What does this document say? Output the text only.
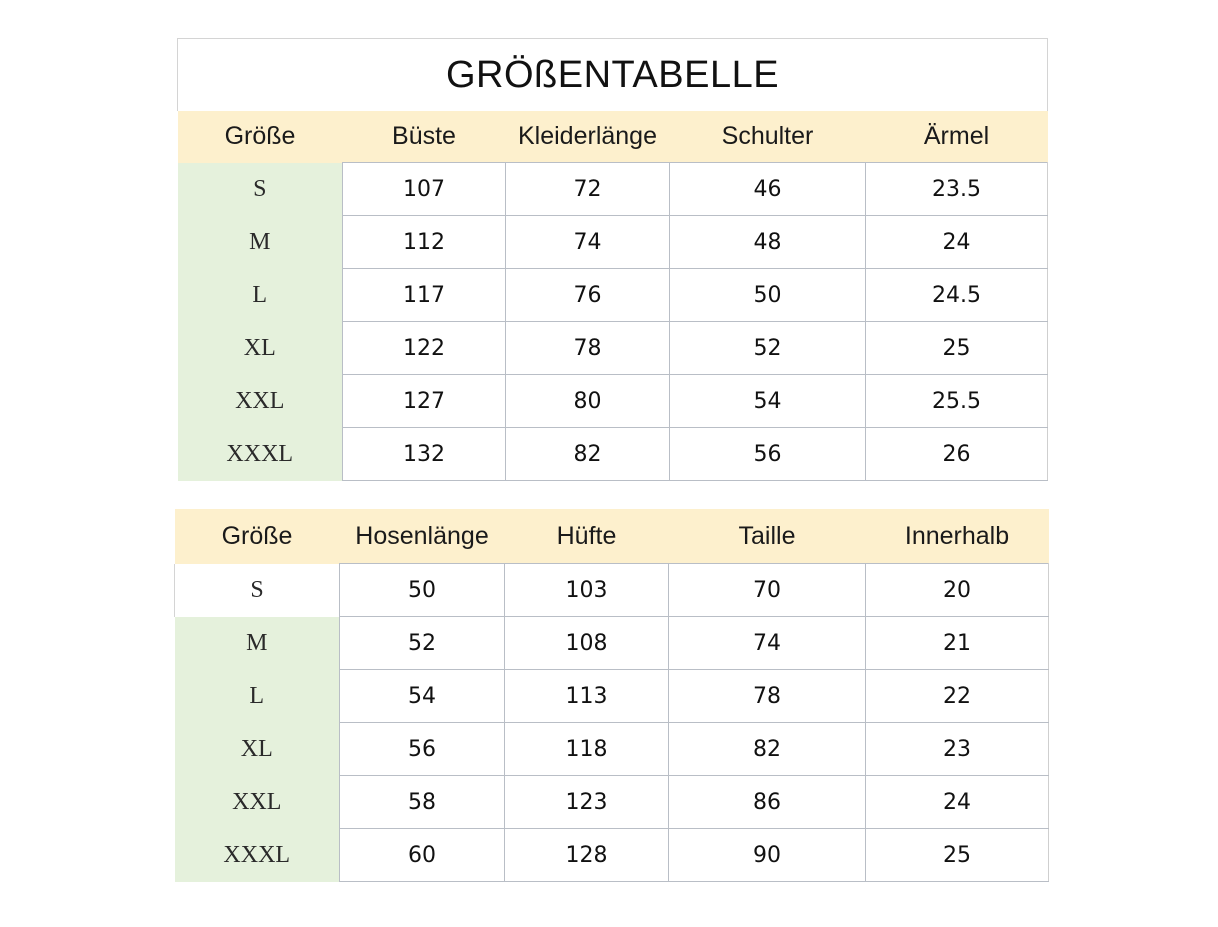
GRÖßENTABELLE				
Größe	Büste	Kleiderlänge	Schulter	Ärmel
S	107	72	46	23.5
M	112	74	48	24
L	117	76	50	24.5
XL	122	78	52	25
XXL	127	80	54	25.5
XXXL	132	82	56	26
Größe	Hosenlänge	Hüfte	Taille	Innerhalb
S	50	103	70	20
M	52	108	74	21
L	54	113	78	22
XL	56	118	82	23
XXL	58	123	86	24
XXXL	60	128	90	25
